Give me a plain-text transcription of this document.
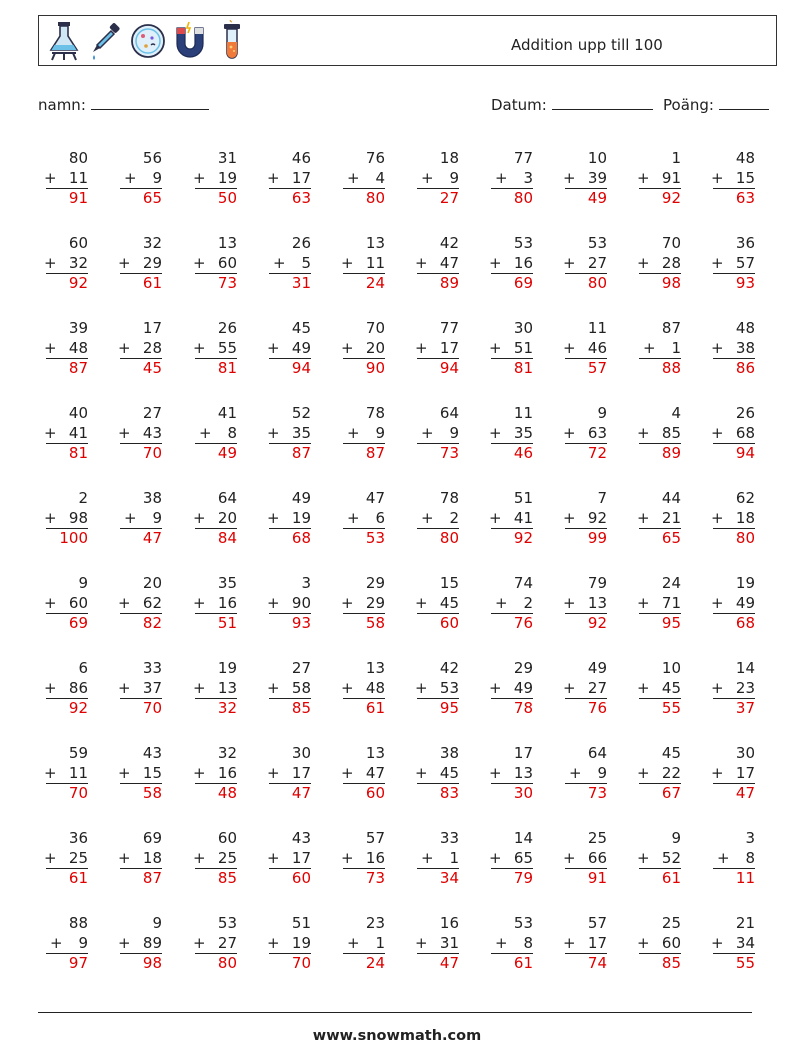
Addition upp till 100
namn:	Datum:	Poäng:
80
+ 11
91
56
+ 9
65
31
+ 19
50
46
+ 17
63
76
+ 4
80
18
+ 9
27
77
+ 3
80
10
+ 39
49
1
+ 91
92
48
+ 15
63
60
+ 32
92
32
+ 29
61
13
+ 60
73
26
+ 5
31
13
+ 11
24
42
+ 47
89
53
+ 16
69
53
+ 27
80
70
+ 28
98
36
+ 57
93
39
+ 48
87
17
+ 28
45
26
+ 55
81
45
+ 49
94
70
+ 20
90
77
+ 17
94
30
+ 51
81
11
+ 46
57
87
+ 1
88
48
+ 38
86
40
+ 41
81
27
+ 43
70
41
+ 8
49
52
+ 35
87
78
+ 9
87
64
+ 9
73
11
+ 35
46
9
+ 63
72
4
+ 85
89
26
+ 68
94
2
+ 98
100
38
+ 9
47
64
+ 20
84
49
+ 19
68
47
+ 6
53
78
+ 2
80
51
+ 41
92
7
+ 92
99
44
+ 21
65
62
+ 18
80
9
+ 60
69
20
+ 62
82
35
+ 16
51
3
+ 90
93
29
+ 29
58
15
+ 45
60
74
+ 2
76
79
+ 13
92
24
+ 71
95
19
+ 49
68
6
+ 86
92
33
+ 37
70
19
+ 13
32
27
+ 58
85
13
+ 48
61
42
+ 53
95
29
+ 49
78
49
+ 27
76
10
+ 45
55
14
+ 23
37
59
+ 11
70
43
+ 15
58
32
+ 16
48
30
+ 17
47
13
+ 47
60
38
+ 45
83
17
+ 13
30
64
+ 9
73
45
+ 22
67
30
+ 17
47
36
+ 25
61
69
+ 18
87
60
+ 25
85
43
+ 17
60
57
+ 16
73
33
+ 1
34
14
+ 65
79
25
+ 66
91
9
+ 52
61
3
+ 8
11
88
+ 9
97
9
+ 89
98
53
+ 27
80
51
+ 19
70
23
+ 1
24
16
+ 31
47
53
+ 8
61
57
+ 17
74
25
+ 60
85
21
+ 34
55
www.snowmath.com
